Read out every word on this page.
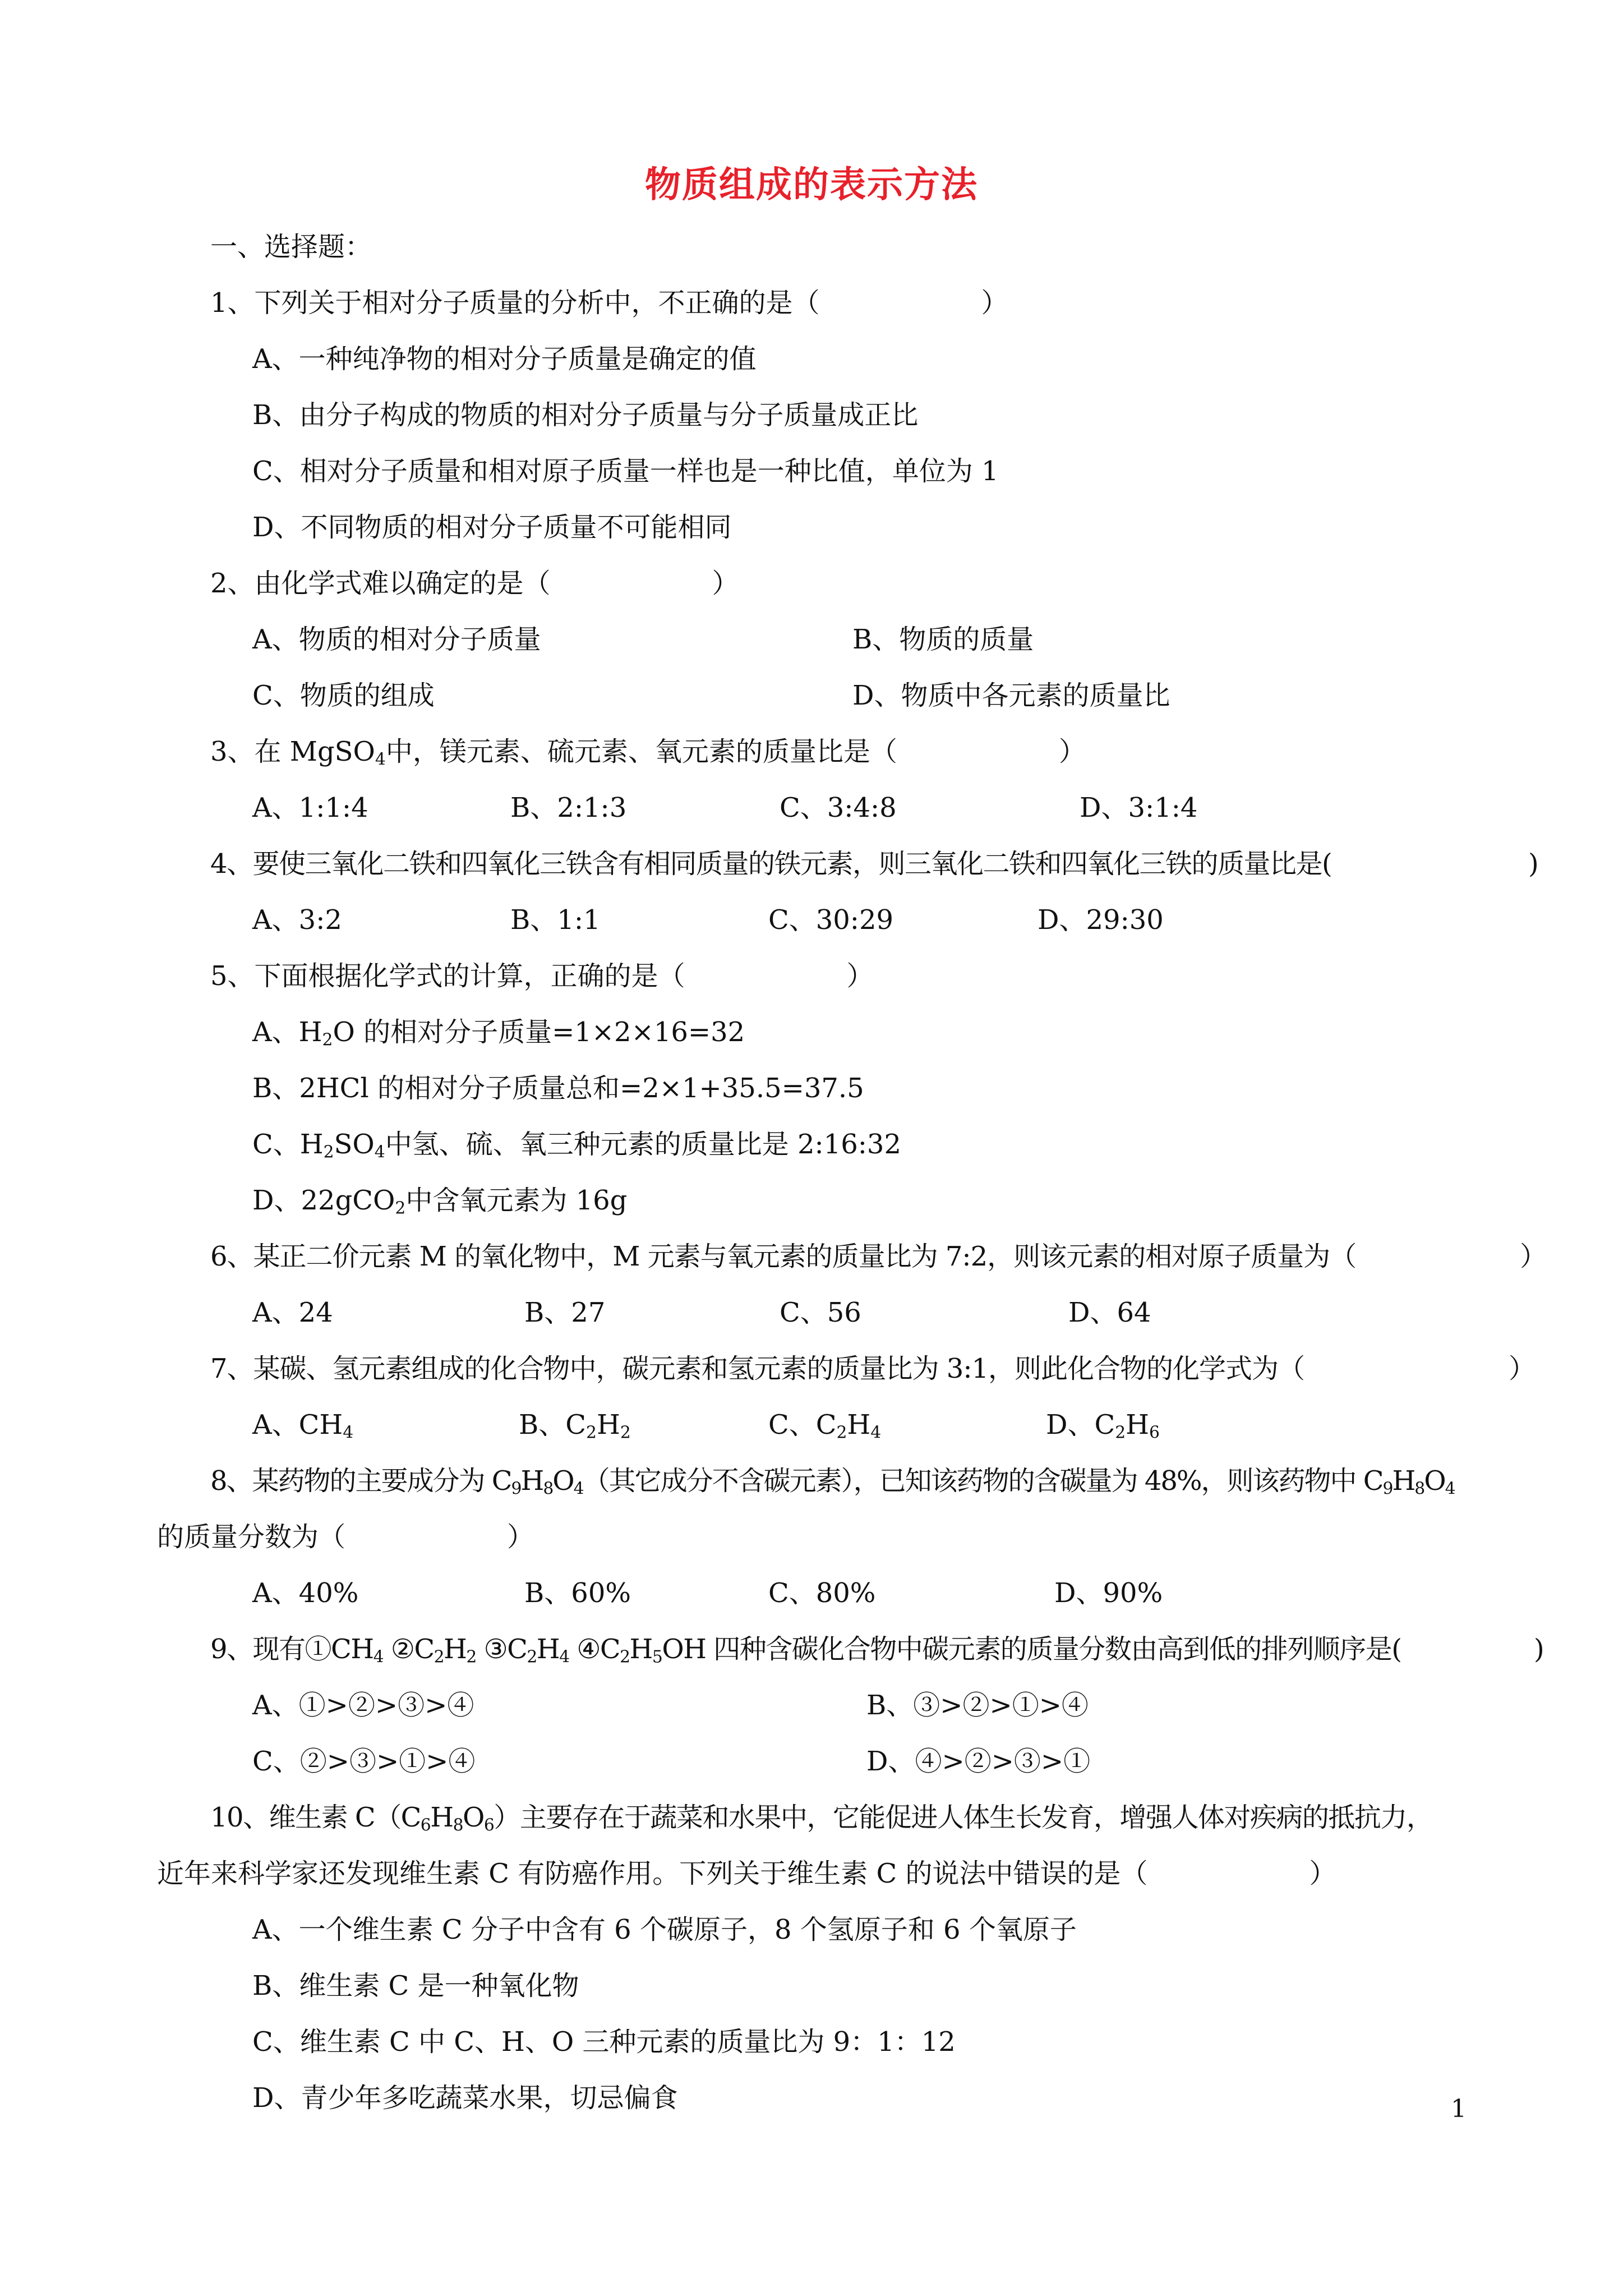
物质组成的表示方法
一、选择题：
1、下列关于相对分子质量的分析中，不正确的是（　　　　　　）
A、一种纯净物的相对分子质量是确定的值
B、由分子构成的物质的相对分子质量与分子质量成正比
C、相对分子质量和相对原子质量一样也是一种比值，单位为 1
D、不同物质的相对分子质量不可能相同
2、由化学式难以确定的是（　　　　　　）
A、物质的相对分子质量	B、物质的质量
C、物质的组成	D、物质中各元素的质量比
3、在 MgSO$_4$中，镁元素、硫元素、氧元素的质量比是（　　　　　　）
A、1:1:4	B、2:1:3	C、3:4:8	D、3:1:4
4、要使三氧化二铁和四氧化三铁含有相同质量的铁元素，则三氧化二铁和四氧化三铁的质量比是(	)
A、3:2	B、1:1	C、30:29	D、29:30
5、下面根据化学式的计算，正确的是（　　　　　　）
A、$H_2O$ 的相对分子质量=1×2×16=32
B、2HCl 的相对分子质量总和=2×1+35.5=37.5
C、$H_2SO_4$中氢、硫、氧三种元素的质量比是 2:16:32
D、22gCO$_2$中含氧元素为 16g
6、某正二价元素 M 的氧化物中，M 元素与氧元素的质量比为 7:2，则该元素的相对原子质量为（	）
A、24	B、27	C、56	D、64
7、某碳、氢元素组成的化合物中，碳元素和氢元素的质量比为 3:1，则此化合物的化学式为（	）
A、$CH_4$	B、$C_2H_2$	C、$C_2H_4$	D、$C_2H_6$
8、某药物的主要成分为 $C_9H_8O_4$（其它成分不含碳元素），已知该药物的含碳量为 48%，则该药物中 $C_9H_8O_4$
的质量分数为（　　　　　　）
A、40%	B、60%	C、80%	D、90%
9、现有$①CH_4$ $②C_2H_2$ $③C_2H_4$ $④C_2H_5OH$ 四种含碳化合物中碳元素的质量分数由高到低的排列顺序是(	)
A、①>②>③>④	B、③>②>①>④
C、②>③>①>④	D、④>②>③>①
10、维生素 $C(C_6H_8O_6)$主要存在于蔬菜和水果中，它能促进人体生长发育，增强人体对疾病的抵抗力，
近年来科学家还发现维生素 C 有防癌作用。下列关于维生素 C 的说法中错误的是（　　　　　　）
A、一个维生素 C 分子中含有 6 个碳原子，8 个氢原子和 6 个氧原子
B、维生素 C 是一种氧化物
C、维生素 C 中 C、H、O 三种元素的质量比为 9：1：12
D、青少年多吃蔬菜水果，切忌偏食	1
